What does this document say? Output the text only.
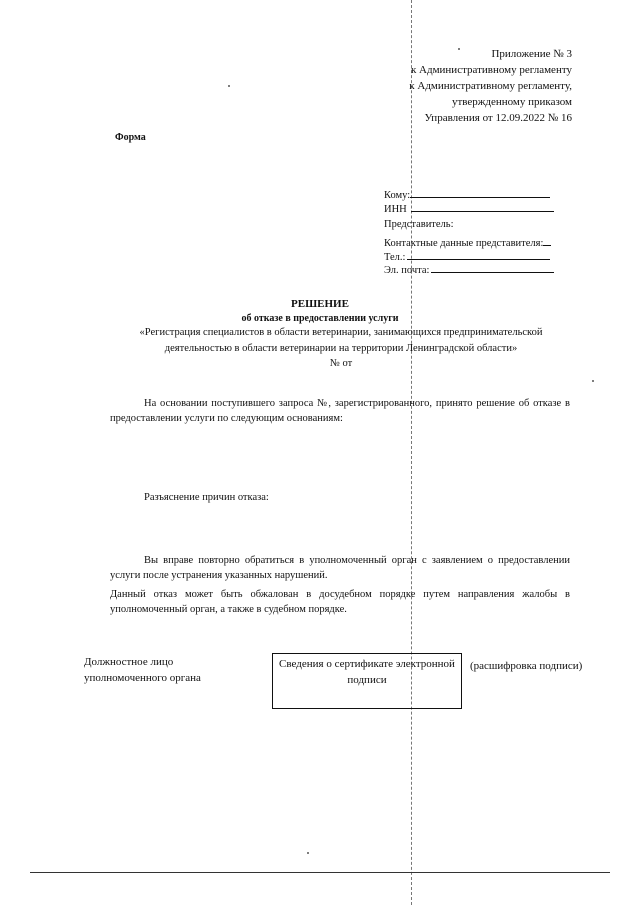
Приложение № 3
к Административному регламенту
к Административному регламенту,
утвержденному приказом
Управления от 12.09.2022 № 16
Форма
Кому:
ИНН
Представитель:
Контактные данные представителя:
Тел.:
Эл. почта:
РЕШЕНИЕ
об отказе в предоставлении услуги
«Регистрация специалистов в области ветеринарии, занимающихся предпринимательской
деятельностью в области ветеринарии на территории Ленинградской области»
№ от
На основании поступившего запроса №, зарегистрированного, принято решение об отказе в предоставлении услуги по следующим основаниям:
Разъяснение причин отказа:
Вы вправе повторно обратиться в уполномоченный орган с заявлением о предоставлении услуги после устранения указанных нарушений.
Данный отказ может быть обжалован в досудебном порядке путем направления жалобы в уполномоченный орган, а также в судебном порядке.
Должностное лицо
уполномоченного органа
Сведения о сертификате электронной
подписи
(расшифровка подписи)
